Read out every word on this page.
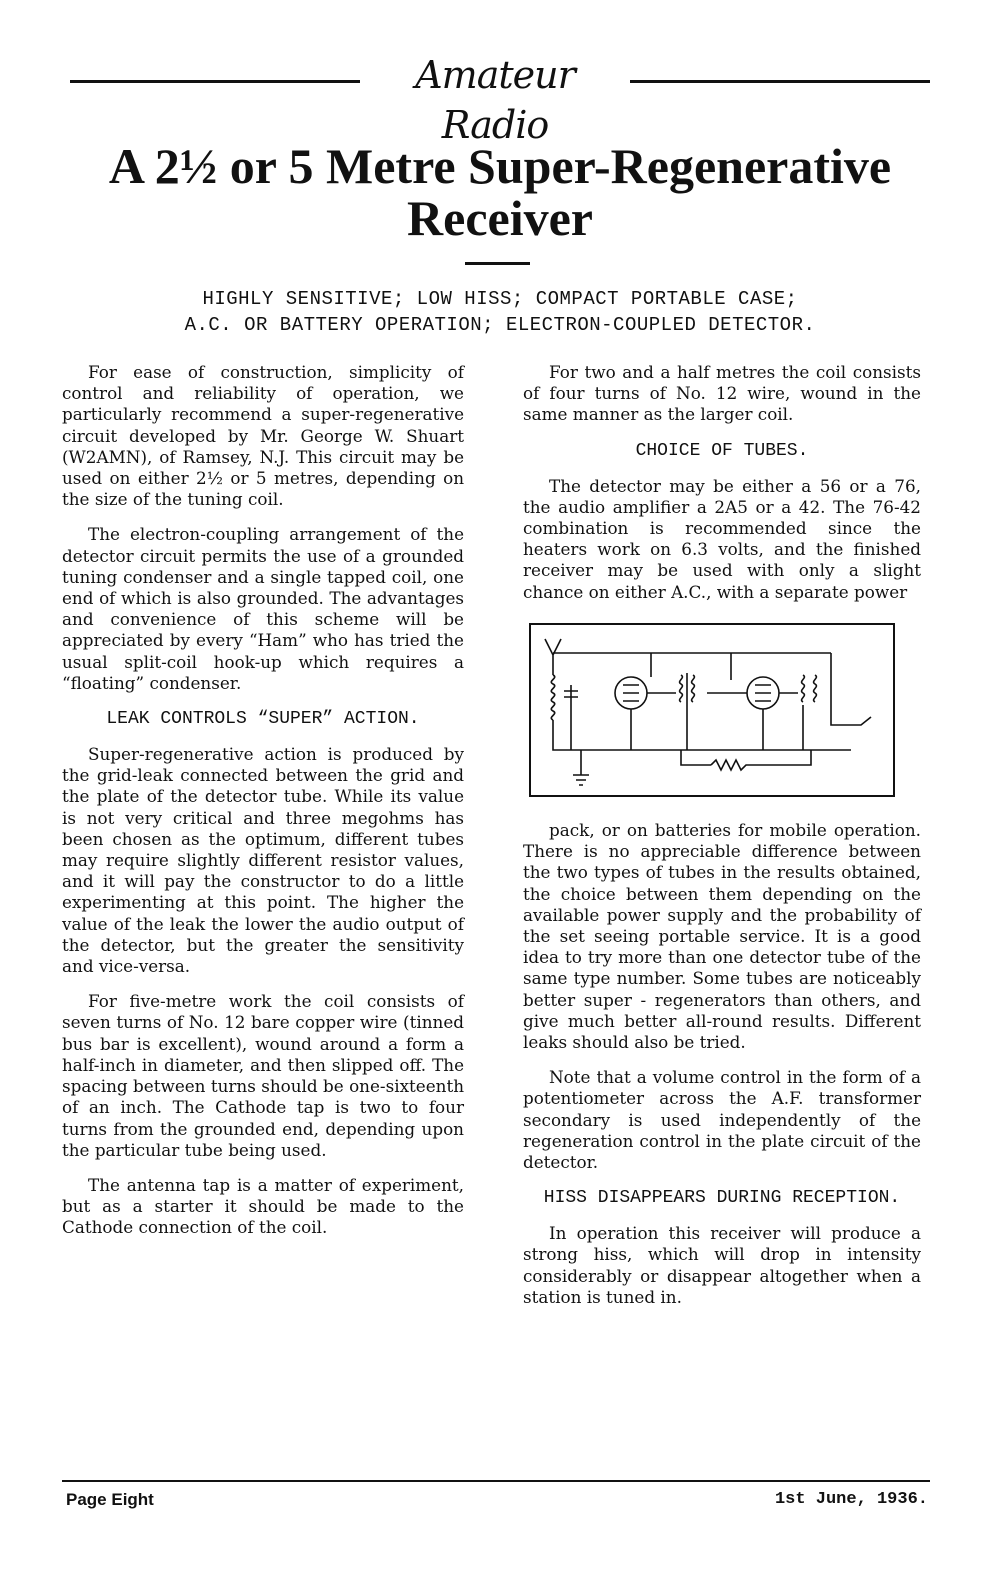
Amateur Radio
A 2½ or 5 Metre Super-Regenerative
Receiver
HIGHLY SENSITIVE; LOW HISS; COMPACT PORTABLE CASE;
A.C. OR BATTERY OPERATION; ELECTRON-COUPLED DETECTOR.

For ease of construction, simplicity of control and reliability of operation, we particularly recommend a super-regenerative circuit developed by Mr. George W. Shuart (W2AMN), of Ramsey, N.J. This circuit may be used on either 2½ or 5 metres, depending on the size of the tuning coil.

The electron-coupling arrangement of the detector circuit permits the use of a grounded tuning condenser and a single tapped coil, one end of which is also grounded. The advantages and convenience of this scheme will be appreciated by every “Ham” who has tried the usual split-coil hook-up which requires a “floating” condenser.

LEAK CONTROLS “SUPER” ACTION.

Super-regenerative action is produced by the grid-leak connected between the grid and the plate of the detector tube. While its value is not very critical and three megohms has been chosen as the optimum, different tubes may require slightly different resistor values, and it will pay the constructor to do a little experimenting at this point. The higher the value of the leak the lower the audio output of the detector, but the greater the sensitivity and vice-versa.

For five-metre work the coil consists of seven turns of No. 12 bare copper wire (tinned bus bar is excellent), wound around a form a half-inch in diameter, and then slipped off. The spacing between turns should be one-sixteenth of an inch. The Cathode tap is two to four turns from the grounded end, depending upon the particular tube being used.

The antenna tap is a matter of experiment, but as a starter it should be made to the Cathode connection of the coil.

For two and a half metres the coil consists of four turns of No. 12 wire, wound in the same manner as the larger coil.

CHOICE OF TUBES.

The detector may be either a 56 or a 76, the audio amplifier a 2A5 or a 42. The 76-42 combination is recommended since the heaters work on 6.3 volts, and the finished receiver may be used with only a slight chance on either A.C., with a separate power

pack, or on batteries for mobile operation. There is no appreciable difference between the two types of tubes in the results obtained, the choice between them depending on the available power supply and the probability of the set seeing portable service. It is a good idea to try more than one detector tube of the same type number. Some tubes are noticeably better super - regenerators than others, and give much better all-round results. Different leaks should also be tried.

Note that a volume control in the form of a potentiometer across the A.F. transformer secondary is used independently of the regeneration control in the plate circuit of the detector.

HISS DISAPPEARS DURING RECEPTION.

In operation this receiver will produce a strong hiss, which will drop in intensity considerably or disappear altogether when a station is tuned in.

Page Eight	1st June, 1936.
